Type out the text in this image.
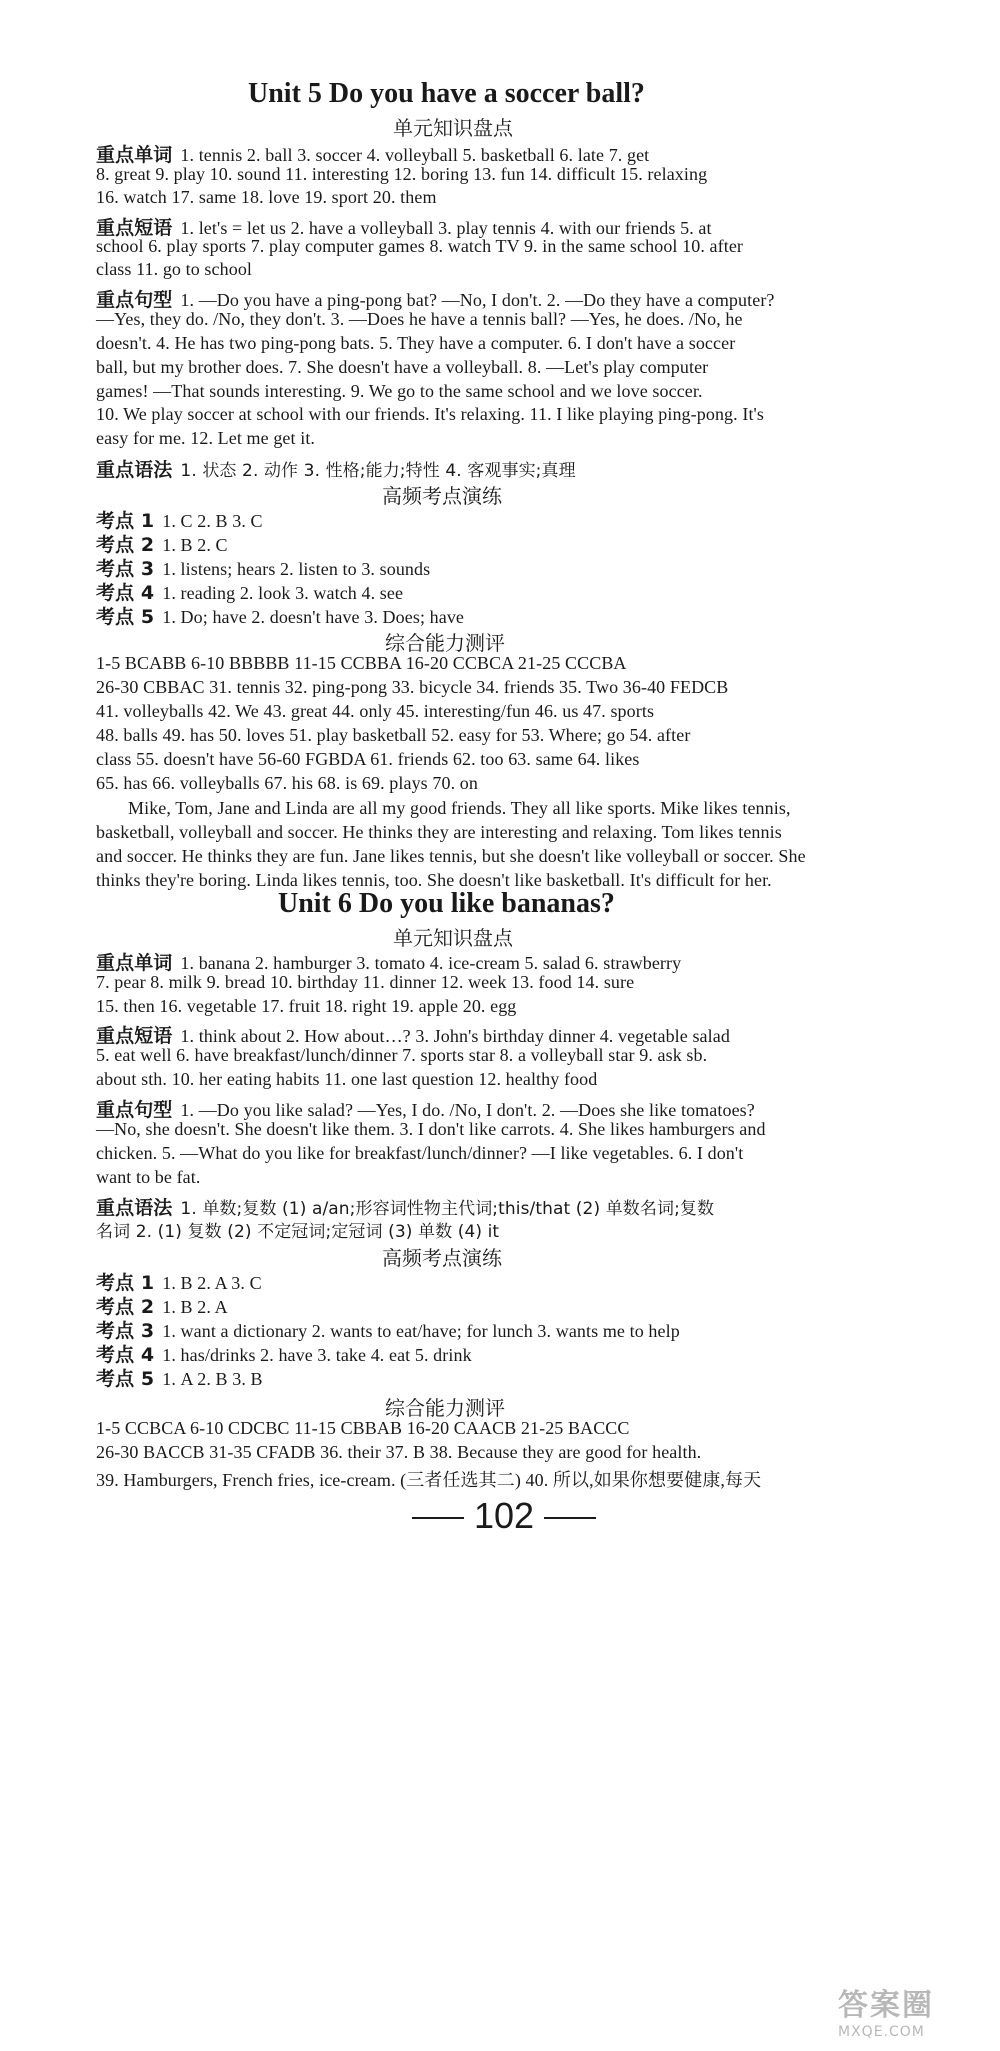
Unit 5 Do you have a soccer ball?
单元知识盘点
重点单词 1. tennis 2. ball 3. soccer 4. volleyball 5. basketball 6. late 7. get
8. great 9. play 10. sound 11. interesting 12. boring 13. fun 14. difficult 15. relaxing
16. watch 17. same 18. love 19. sport 20. them
重点短语 1. let's = let us 2. have a volleyball 3. play tennis 4. with our friends 5. at
school 6. play sports 7. play computer games 8. watch TV 9. in the same school 10. after
class 11. go to school
重点句型 1. —Do you have a ping-pong bat? —No, I don't. 2. —Do they have a computer?
—Yes, they do. /No, they don't. 3. —Does he have a tennis ball? —Yes, he does. /No, he
doesn't. 4. He has two ping-pong bats. 5. They have a computer. 6. I don't have a soccer
ball, but my brother does. 7. She doesn't have a volleyball. 8. —Let's play computer
games! —That sounds interesting. 9. We go to the same school and we love soccer.
10. We play soccer at school with our friends. It's relaxing. 11. I like playing ping-pong. It's
easy for me. 12. Let me get it.
重点语法 1. 状态 2. 动作 3. 性格;能力;特性 4. 客观事实;真理
高频考点演练
考点 1 1. C 2. B 3. C
考点 2 1. B 2. C
考点 3 1. listens; hears 2. listen to 3. sounds
考点 4 1. reading 2. look 3. watch 4. see
考点 5 1. Do; have 2. doesn't have 3. Does; have
综合能力测评
1-5 BCABB 6-10 BBBBB 11-15 CCBBA 16-20 CCBCA 21-25 CCCBA
26-30 CBBAC 31. tennis 32. ping-pong 33. bicycle 34. friends 35. Two 36-40 FEDCB
41. volleyballs 42. We 43. great 44. only 45. interesting/fun 46. us 47. sports
48. balls 49. has 50. loves 51. play basketball 52. easy for 53. Where; go 54. after
class 55. doesn't have 56-60 FGBDA 61. friends 62. too 63. same 64. likes
65. has 66. volleyballs 67. his 68. is 69. plays 70. on
Mike, Tom, Jane and Linda are all my good friends. They all like sports. Mike likes tennis,
basketball, volleyball and soccer. He thinks they are interesting and relaxing. Tom likes tennis
and soccer. He thinks they are fun. Jane likes tennis, but she doesn't like volleyball or soccer. She
thinks they're boring. Linda likes tennis, too. She doesn't like basketball. It's difficult for her.
Unit 6 Do you like bananas?
单元知识盘点
重点单词 1. banana 2. hamburger 3. tomato 4. ice-cream 5. salad 6. strawberry
7. pear 8. milk 9. bread 10. birthday 11. dinner 12. week 13. food 14. sure
15. then 16. vegetable 17. fruit 18. right 19. apple 20. egg
重点短语 1. think about 2. How about…? 3. John's birthday dinner 4. vegetable salad
5. eat well 6. have breakfast/lunch/dinner 7. sports star 8. a volleyball star 9. ask sb.
about sth. 10. her eating habits 11. one last question 12. healthy food
重点句型 1. —Do you like salad? —Yes, I do. /No, I don't. 2. —Does she like tomatoes?
—No, she doesn't. She doesn't like them. 3. I don't like carrots. 4. She likes hamburgers and
chicken. 5. —What do you like for breakfast/lunch/dinner? —I like vegetables. 6. I don't
want to be fat.
重点语法 1. 单数;复数 (1) a/an;形容词性物主代词;this/that (2) 单数名词;复数
名词 2. (1) 复数 (2) 不定冠词;定冠词 (3) 单数 (4) it
高频考点演练
考点 1 1. B 2. A 3. C
考点 2 1. B 2. A
考点 3 1. want a dictionary 2. wants to eat/have; for lunch 3. wants me to help
考点 4 1. has/drinks 2. have 3. take 4. eat 5. drink
考点 5 1. A 2. B 3. B
综合能力测评
1-5 CCBCA 6-10 CDCBC 11-15 CBBAB 16-20 CAACB 21-25 BACCC
26-30 BACCB 31-35 CFADB 36. their 37. B 38. Because they are good for health.
39. Hamburgers, French fries, ice-cream. (三者任选其二) 40. 所以,如果你想要健康,每天
102
答案圈
MXQE.COM
